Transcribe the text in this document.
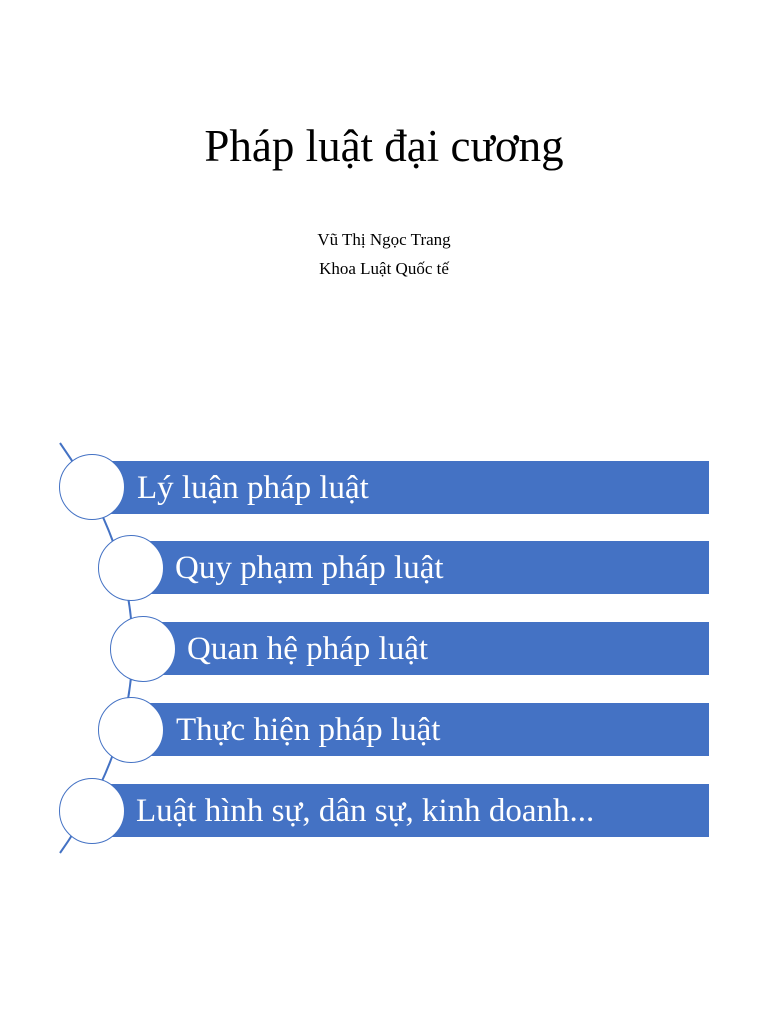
Pháp luật đại cương
Vũ Thị Ngọc Trang
Khoa Luật Quốc tế
Lý luận pháp luật
Quy phạm pháp luật
Quan hệ pháp luật
Thực hiện pháp luật
Luật hình sự, dân sự, kinh doanh...
